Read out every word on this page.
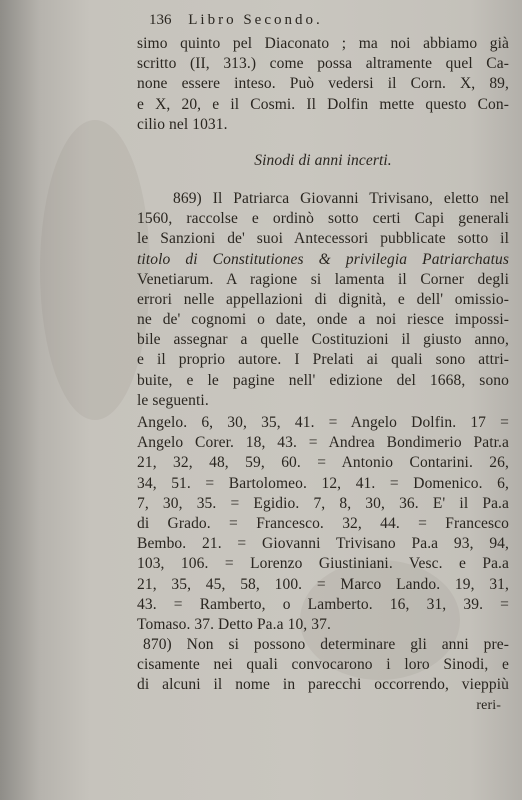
136 Libro Secondo.
simo quinto pel Diaconato ; ma noi abbiamo già
scritto (II, 313.) come possa altramente quel Ca-
none essere inteso. Può vedersi il Corn. X, 89,
e X, 20, e il Cosmi. Il Dolfin mette questo Con-
cilio nel 1031.
Sinodi di anni incerti.
869) Il Patriarca Giovanni Trivisano, eletto nel
1560, raccolse e ordinò sotto certi Capi generali
le Sanzioni de' suoi Antecessori pubblicate sotto il
titolo di Constitutiones & privilegia Patriarchatus
Venetiarum. A ragione si lamenta il Corner degli
errori nelle appellazioni di dignità, e dell' omissio-
ne de' cognomi o date, onde a noi riesce impossi-
bile assegnar a quelle Costituzioni il giusto anno,
e il proprio autore. I Prelati ai quali sono attri-
buite, e le pagine nell' edizione del 1668, sono
le seguenti.
Angelo. 6, 30, 35, 41. = Angelo Dolfin. 17 =
Angelo Corer. 18, 43. = Andrea Bondimerio Patr.a
21, 32, 48, 59, 60. = Antonio Contarini. 26,
34, 51. = Bartolomeo. 12, 41. = Domenico. 6,
7, 30, 35. = Egidio. 7, 8, 30, 36. E' il Pa.a
di Grado. = Francesco. 32, 44. = Francesco
Bembo. 21. = Giovanni Trivisano Pa.a 93, 94,
103, 106. = Lorenzo Giustiniani. Vesc. e Pa.a
21, 35, 45, 58, 100. = Marco Lando. 19, 31,
43. = Ramberto, o Lamberto. 16, 31, 39. =
Tomaso. 37. Detto Pa.a 10, 37.
870) Non si possono determinare gli anni pre-
cisamente nei quali convocarono i loro Sinodi, e
di alcuni il nome in parecchi occorrendo, vieppiù
reri-
